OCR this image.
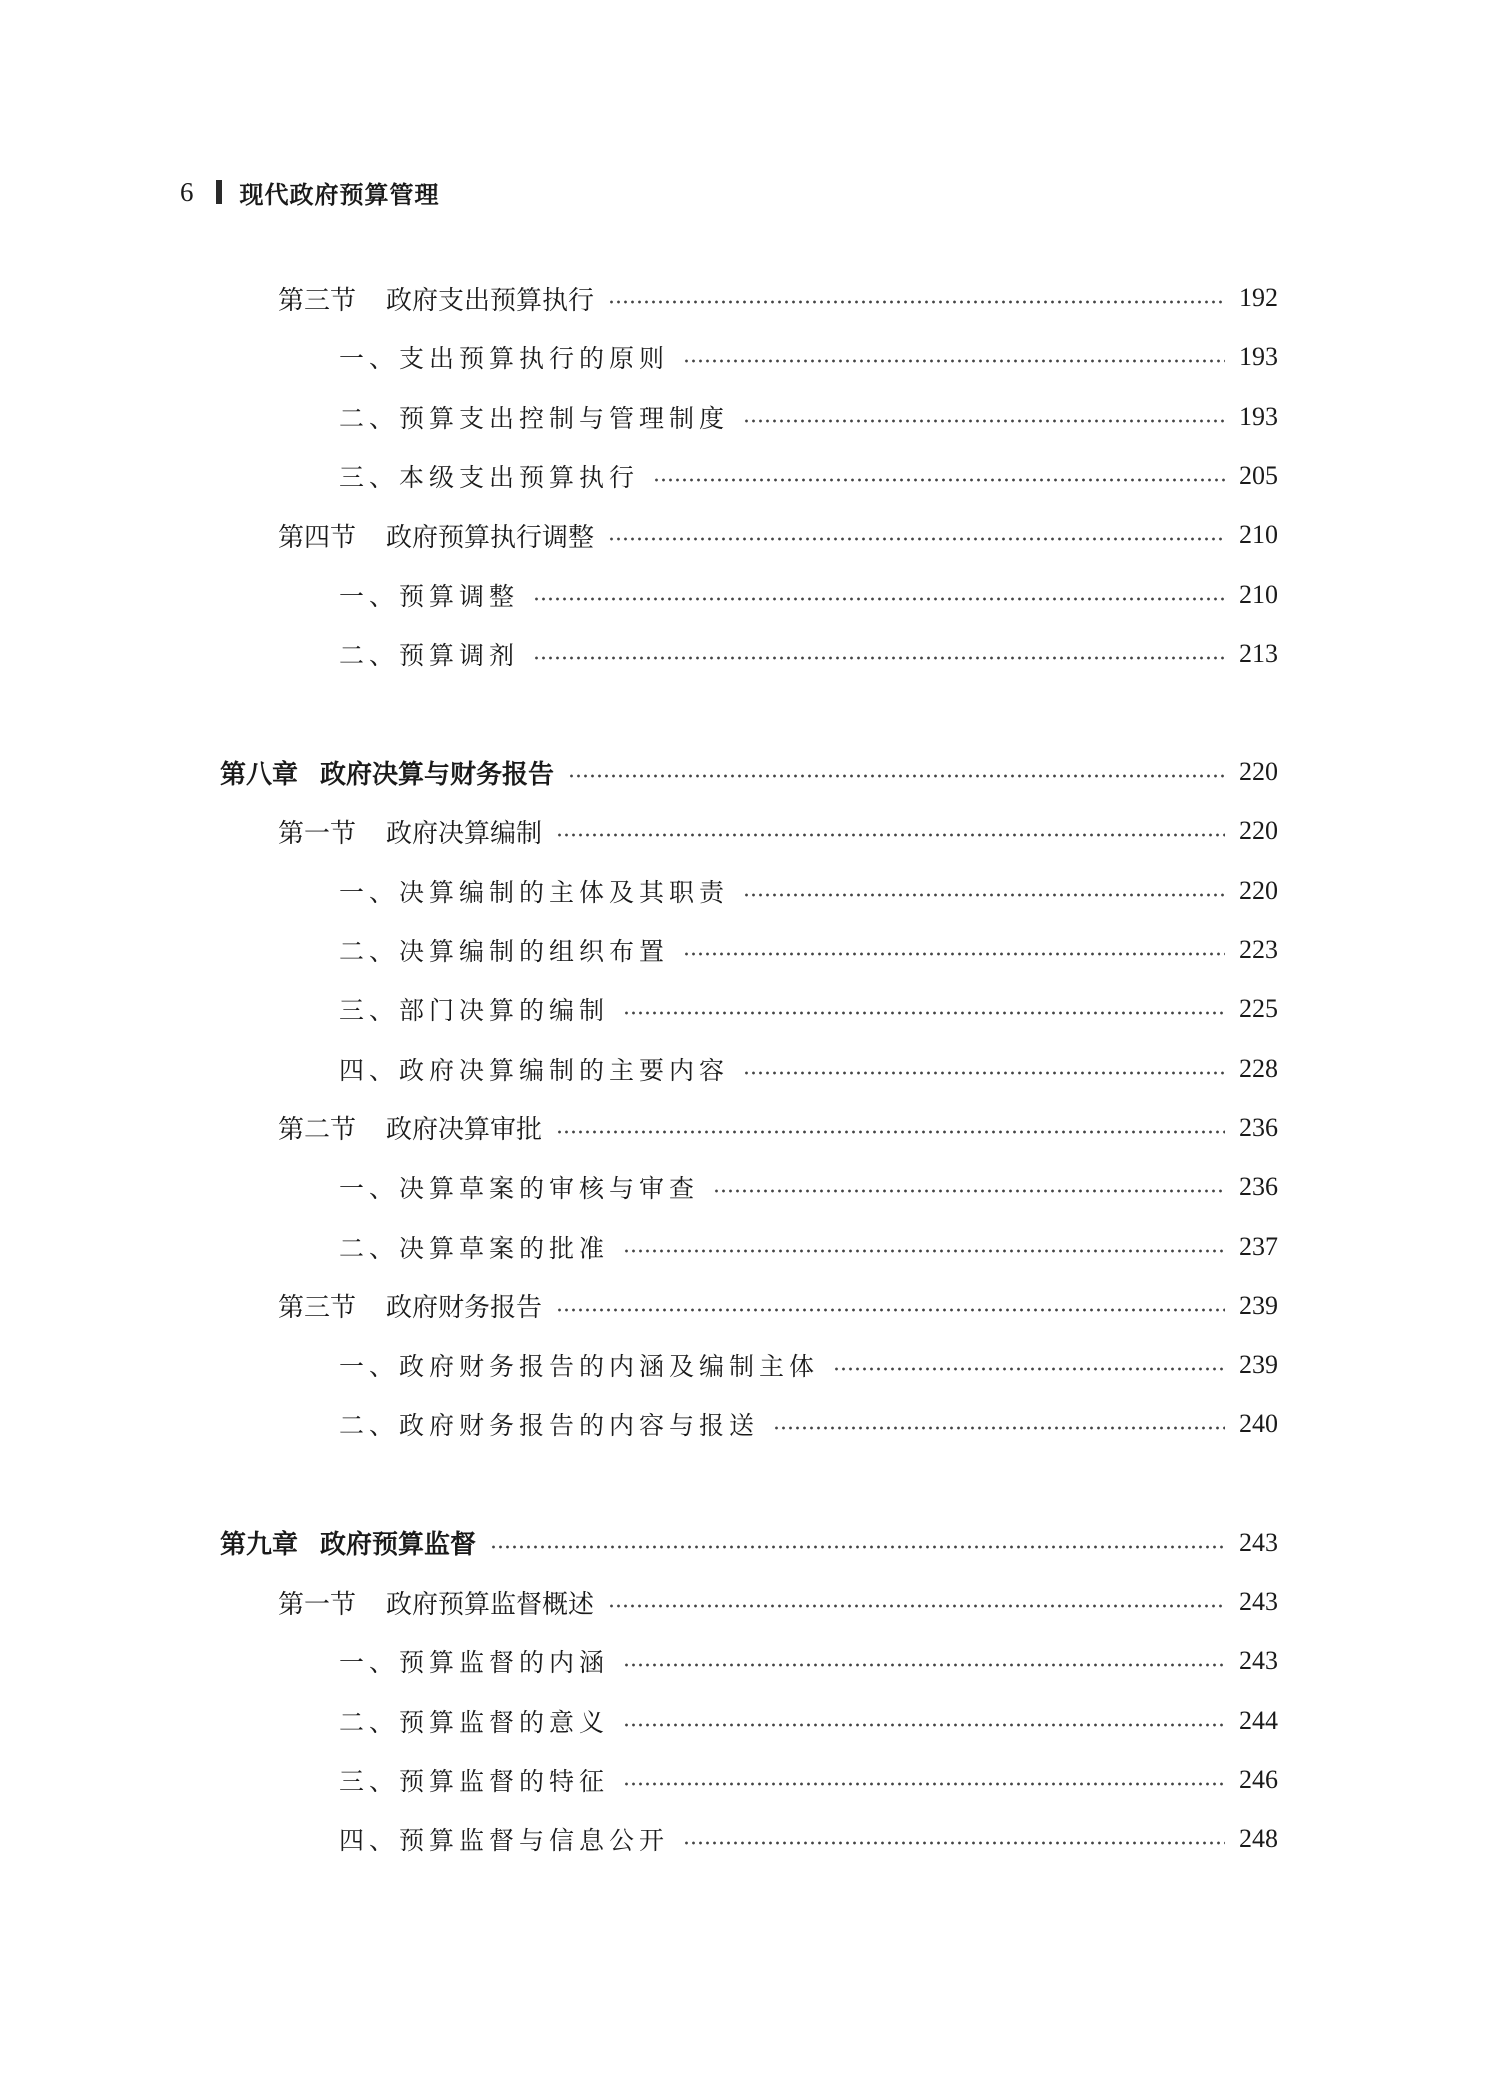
6 现代政府预算管理
第三节 政府支出预算执行	192
一、支出预算执行的原则	193
二、预算支出控制与管理制度	193
三、本级支出预算执行	205
第四节 政府预算执行调整	210
一、预算调整	210
二、预算调剂	213
第八章 政府决算与财务报告	220
第一节 政府决算编制	220
一、决算编制的主体及其职责	220
二、决算编制的组织布置	223
三、部门决算的编制	225
四、政府决算编制的主要内容	228
第二节 政府决算审批	236
一、决算草案的审核与审查	236
二、决算草案的批准	237
第三节 政府财务报告	239
一、政府财务报告的内涵及编制主体	239
二、政府财务报告的内容与报送	240
第九章 政府预算监督	243
第一节 政府预算监督概述	243
一、预算监督的内涵	243
二、预算监督的意义	244
三、预算监督的特征	246
四、预算监督与信息公开	248
